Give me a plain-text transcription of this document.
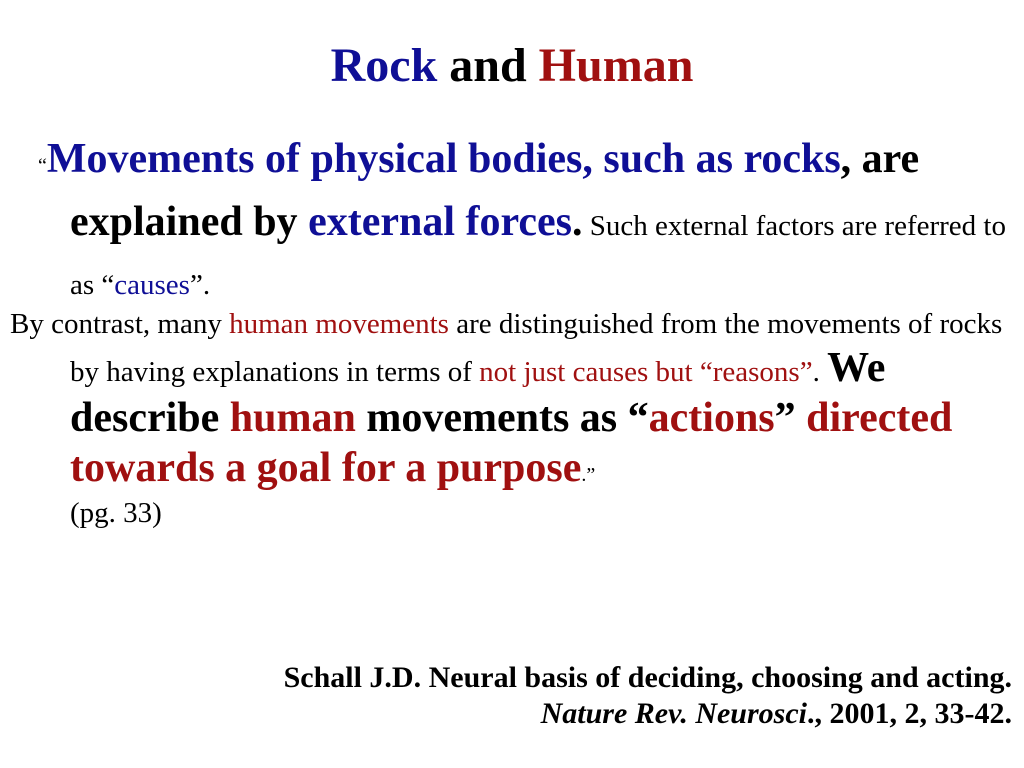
Rock and Human
“Movements of physical bodies, such as rocks, are explained by external forces. Such external factors are referred to as “causes”.
By contrast, many human movements are distinguished from the movements of rocks by having explanations in terms of not just causes but “reasons”. We describe human movements as “actions” directed towards a goal for a purpose.”
(pg. 33)
Schall J.D. Neural basis of deciding, choosing and acting.
Nature Rev. Neurosci., 2001, 2, 33-42.
